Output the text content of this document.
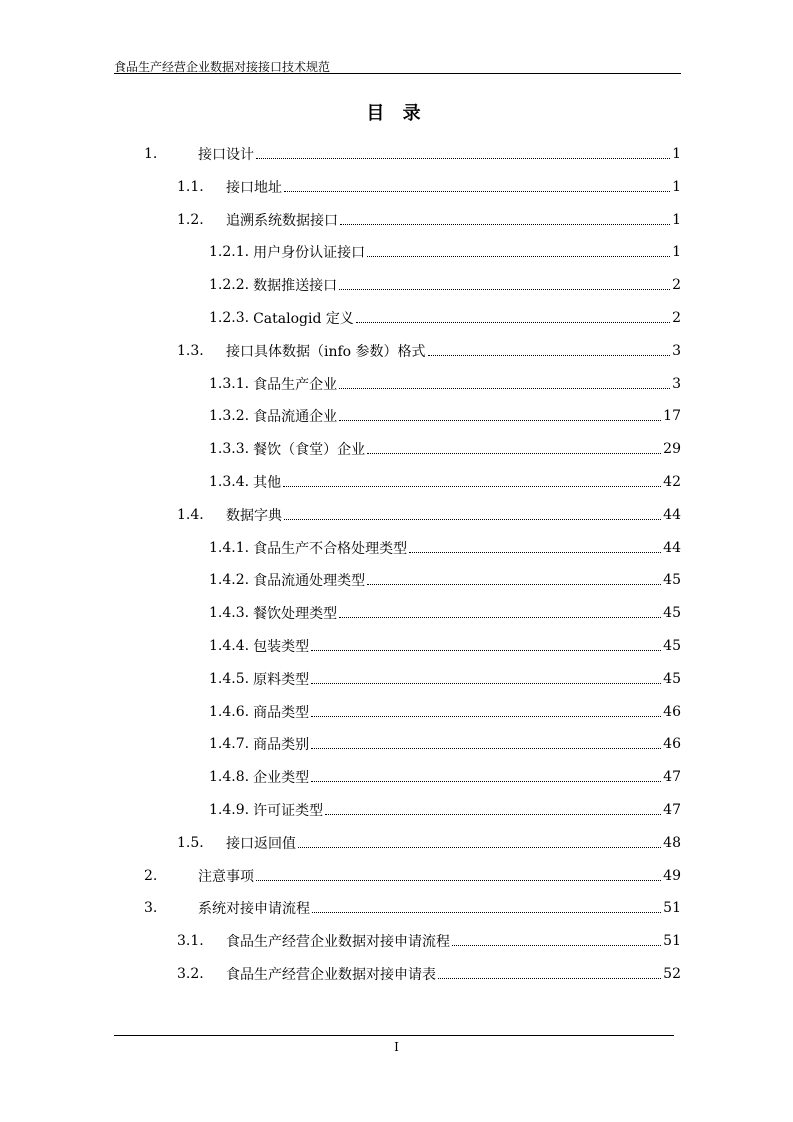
食品生产经营企业数据对接接口技术规范
目 录
1.	接口设计	1
1.1.	接口地址	1
1.2.	追溯系统数据接口	1
1.2.1. 用户身份认证接口	1
1.2.2. 数据推送接口	2
1.2.3. Catalogid 定义	2
1.3.	接口具体数据（info 参数）格式	3
1.3.1. 食品生产企业	3
1.3.2. 食品流通企业	17
1.3.3. 餐饮（食堂）企业	29
1.3.4. 其他	42
1.4.	数据字典	44
1.4.1. 食品生产不合格处理类型	44
1.4.2. 食品流通处理类型	45
1.4.3. 餐饮处理类型	45
1.4.4. 包装类型	45
1.4.5. 原料类型	45
1.4.6. 商品类型	46
1.4.7. 商品类别	46
1.4.8. 企业类型	47
1.4.9. 许可证类型	47
1.5.	接口返回值	48
2.	注意事项	49
3.	系统对接申请流程	51
3.1.	食品生产经营企业数据对接申请流程	51
3.2.	食品生产经营企业数据对接申请表	52
I
